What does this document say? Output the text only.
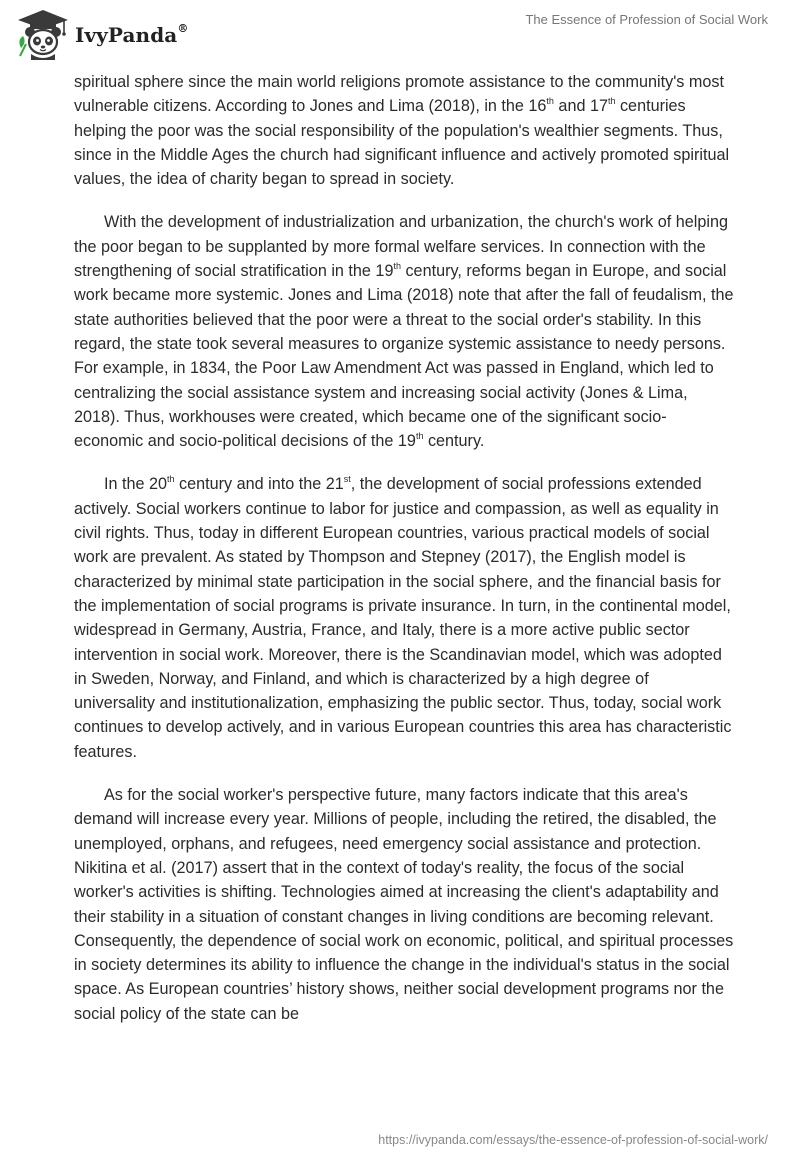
IvyPanda®
The Essence of Profession of Social Work

spiritual sphere since the main world religions promote assistance to the community's most vulnerable citizens. According to Jones and Lima (2018), in the 16th and 17th centuries helping the poor was the social responsibility of the population's wealthier segments. Thus, since in the Middle Ages the church had significant influence and actively promoted spiritual values, the idea of charity began to spread in society.

With the development of industrialization and urbanization, the church's work of helping the poor began to be supplanted by more formal welfare services. In connection with the strengthening of social stratification in the 19th century, reforms began in Europe, and social work became more systemic. Jones and Lima (2018) note that after the fall of feudalism, the state authorities believed that the poor were a threat to the social order's stability. In this regard, the state took several measures to organize systemic assistance to needy persons. For example, in 1834, the Poor Law Amendment Act was passed in England, which led to centralizing the social assistance system and increasing social activity (Jones & Lima, 2018). Thus, workhouses were created, which became one of the significant socio-economic and socio-political decisions of the 19th century.

In the 20th century and into the 21st, the development of social professions extended actively. Social workers continue to labor for justice and compassion, as well as equality in civil rights. Thus, today in different European countries, various practical models of social work are prevalent. As stated by Thompson and Stepney (2017), the English model is characterized by minimal state participation in the social sphere, and the financial basis for the implementation of social programs is private insurance. In turn, in the continental model, widespread in Germany, Austria, France, and Italy, there is a more active public sector intervention in social work. Moreover, there is the Scandinavian model, which was adopted in Sweden, Norway, and Finland, and which is characterized by a high degree of universality and institutionalization, emphasizing the public sector. Thus, today, social work continues to develop actively, and in various European countries this area has characteristic features.

As for the social worker's perspective future, many factors indicate that this area's demand will increase every year. Millions of people, including the retired, the disabled, the unemployed, orphans, and refugees, need emergency social assistance and protection. Nikitina et al. (2017) assert that in the context of today's reality, the focus of the social worker's activities is shifting. Technologies aimed at increasing the client's adaptability and their stability in a situation of constant changes in living conditions are becoming relevant. Consequently, the dependence of social work on economic, political, and spiritual processes in society determines its ability to influence the change in the individual's status in the social space. As European countries’ history shows, neither social development programs nor the social policy of the state can be

https://ivypanda.com/essays/the-essence-of-profession-of-social-work/
